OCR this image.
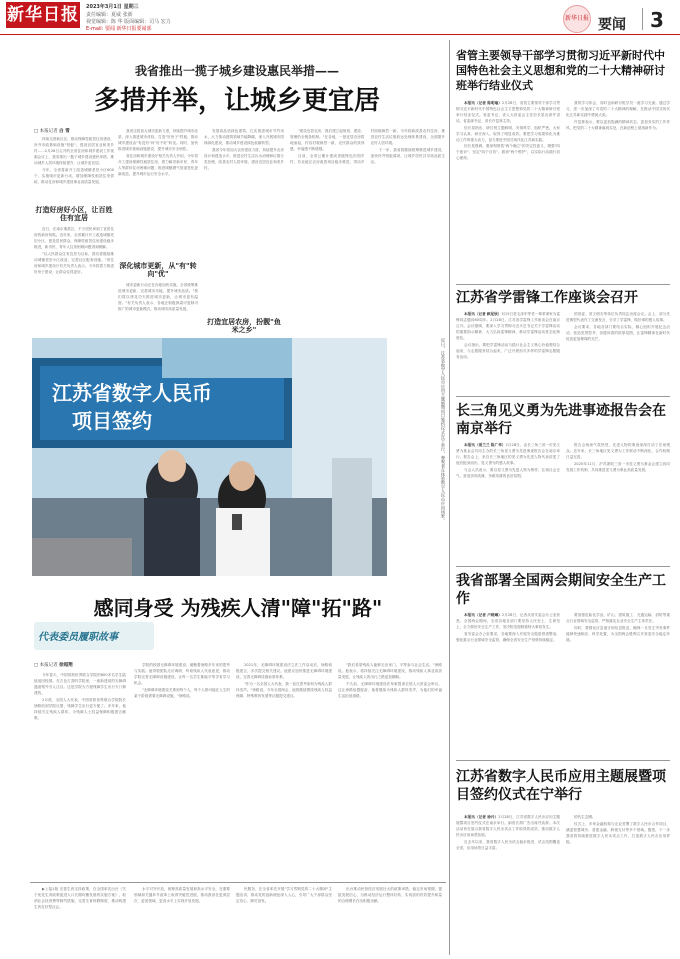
新华日报 2023年3月1日 星期三
责任编辑：夏威 张新
视觉编辑：陈 华 版面编辑：司马 宏力
E-mail: 要闻 新华日报要闻部
新华日报 要闻 3
我省推出一揽子城乡建设惠民举措——
多措并举，让城乡更宜居
□ 本报记者 白 雪

持续完善新社区，推动保障性租赁住房建设，补齐市政基础设施"短板"，建设宜居宜业和美乡村……2月28日召开的全省住房和城乡建设工作视频会议上，我省推出一揽子城乡建设惠民举措，推动城乡人居环境持续提升，让城乡更宜居。

今年，全省将新开工改造城镇老旧小区600个，实施城市更新行动，增加保障性租赁住房供给，推动住房和城乡建设事业高质量发展。

打造好房好小区，让百姓住有宜居

近日，在南京秦淮区，不少居民拿到了宜居住房的新房钥匙。近年来，全省累计开工改造城镇老旧小区，惠及居民群众，保障性租赁住房建设稳步推进，新市民、青年人住房困难问题得到缓解。

"以人民群众住有宜居为目标，我们将继续推动城镇老旧小区改造，完善社区配套设施。"省住房和城乡建设厅有关负责人表示，今年将着力推进好房子建设，让群众住得更好。

我省还将加大城市更新力度，持续提升城市品质，深入推进城市体检，打造"好房子"样板，推动城市建设由"有没有"向"好不好"转变。同时，加快推进城市基础设施建设，提升城市安全韧性。

省住房和城乡建设厅相关负责人介绍，今年将开工建设保障性租赁住房，着力解决新市民、青年人等群体住房困难问题；推进城镇燃气管道老化更新改造，提升城市运行安全水平。

深化城市更新，从"有"转向"优"

城市更新行动正在各地加快实施。全省统筹推进城市更新，完善城市功能，提升城市品质。"我们将以绣花功夫推进城市更新，让城市更有温度。"有关负责人表示，各地正积极探索可复制可推广的城市更新模式，推动城市高质量发展。

发展高品质绿色建筑，扎实推进城市节约用水，大力推动建筑领域节能降碳，深入开展城市园林绿化建设，推动城乡建设绿色低碳转型。

我省今年将加大农房建设力度，持续提升农房设计和建造水平，推进农村生活污水治理和垃圾分类处理，改善农村人居环境，建设宜居宜业和美乡村。

打造宜居农房，扮靓"鱼米之乡"

"建设宜居农房，我们建立起规划、建设、管理的全链条机制。"在各地，一批宜居农房拔地而起，村容村貌焕然一新，农民群众的获得感、幸福感不断增强。

目前，全省已累计建成省级特色田园乡村，苏北地区农房改善项目稳步推进，带动乡村面貌焕然一新。今年将新改善农村住房，推进农村生活垃圾收运处理体系建设，全面提升农村人居环境。

下一步，我省将继续统筹推进城乡建设，加快补齐短板弱项，让城乡居民共享高品质生活。

江苏省数字人民币
项目签约	近日，江苏省数字人民币应用主题展暨项目签约仪式在宁举行，参观者在体验数字人民币应用场景。
感同身受 为残疾人清"障"拓"路"
代表委员履职故事
□ 本报记者 徐超翔

今年春天，中国常熟世界联合学院的600多名学生陆续返回校园。在古色古香的学院里，一座新建成的无障碍通道格外引人注目。这是学院为方便残障学生出行专门修建的。

2月底，全国人大代表、中国常熟世界联合学院院长徐路收到学院反馈，残障学生出行更方便了。多年来，他持续关注残疾人群体，为残障人士权益保障积极建言献策。

学院的校园无障碍环境建设，凝聚着徐路多年来的思考与实践。他带领团队走访调研，听取残疾人代表意见，推动学院完善无障碍设施建设，让每一名学生都能平等享有学习机会。

"无障碍环境建设关系到每个人，每个人都可能在人生的某个阶段需要无障碍设施。"徐路说。

2021年，无障碍环境建设法立法工作启动后，徐路积极建言，多次提交相关建议。他建议加快推进无障碍环境建设，完善无障碍设施标准体系。

"作为一名全国人大代表，我一直在思考如何为残疾人群体发声。"徐路说。今年全国两会，他将继续围绕残疾人权益保障、特殊教育发展等议题提交建议。

"我们希望残疾人能够走出家门，平等参与社会生活。"徐路说。他表示，将持续关注无障碍环境建设，推动残疾人事业高质量发展，让残疾人的出行之路更加顺畅。

不久前，无障碍环境建设法草案提请全国人大常委会审议，这让徐路倍感振奋，他将继续为残疾人群体发声，为他们的幸福生活拓宽道路。

▶上接1版 完善生育支持政策，在全国率先出台《关于优化生育政策促进人口长期均衡发展的实施方案》，取消社会抚养费等制约措施，完善生育休假制度，推动构建生育友好型社会。

水平对外开放，统筹高质量发展和高水平安全，在重要领域和关键环节改革上取得突破性进展，推动我省在更深层次、更宽领域、更高水平上实现开放发展。

民服务，在全省率先开展"学习贯彻党的二十大精神"主题宣讲，推动党的创新理论深入人心，引导广大干部群众坚定信心、踔厉奋发。

出台推动民营经济发展壮大的政策举措，稳定市场预期，提振发展信心，为推动经济运行整体好转、实现质的有效提升和量的合理增长作出积极贡献。

省管主要领导干部学习贯彻习近平新时代中国特色社会主义思想和党的二十大精神研讨班举行结业仪式

本报讯（记者 陈明瑜）2月28日，省管主要领导干部学习贯彻习近平新时代中国特色社会主义思想和党的二十大精神研讨班举行结业仪式。省委书记、省人大常委会主任信长星出席并讲话，省委副书记、省长许昆林主持。

信长星指出，研讨班主题鲜明、安排科学、组织严密，大家学习认真、研讨深入，取得了明显成效。要把学习成果转化为推动工作的强大动力，奋力推进中国式现代化江苏新实践。

信长星强调，要深刻领悟"两个确立"的决定性意义，增强"四个意识"、坚定"四个自信"、做到"两个维护"，以实际行动践行初心使命。

我的学习体会，同时也和研讨班学员一道学习交流。通过学习，进一步加深了对党的二十大精神的理解，在推动中国式现代化江苏新实践中勇挑大梁。

许昆林表示，要以更加饱满的精神状态、更加务实的工作作风，把党的二十大精神落到实处，在新征程上展现新作为。

江苏省学雷锋工作座谈会召开

本报讯（记者 顾星欣）3月5日是毛泽东等老一辈革命家为雷锋同志题词60周年。2月28日，江苏省学雷锋工作座谈会在南京召开。会议强调，要深入学习贯彻习近平总书记关于学雷锋活动的重要指示精神，大力弘扬雷锋精神，推动学雷锋活动常态化制度化。

会议指出，要把学雷锋活动与践行社会主义核心价值观结合起来，与志愿服务结合起来，广泛开展形式多样的学雷锋志愿服务活动。

团省委、省文明办等单位负责同志出席会议。会上，部分先进典型代表作了交流发言，分享了学雷锋、做好事的感人故事。

会议要求，各地各部门要结合实际，精心组织开展纪念活动，营造见贤思齐、崇德向善的浓厚氛围，让雷锋精神在新时代绽放更加璀璨的光芒。

长三角见义勇为先进事迹报告会在南京举行

本报讯（胡兰兰 陈广华）2月28日，由长三角三省一市见义勇为基金会共同主办的长三角见义勇为先进事迹报告会在南京举行。报告会上，来自长三角地区的见义勇为先进人物代表讲述了他们挺身而出、见义勇为的感人故事。

与会人员表示，要以见义勇为先进人物为榜样，弘扬社会正气，营造崇尚英雄、争做英雄的良好氛围。

报告会现场气氛热烈，先进人物的事迹深深打动了在场观众。近年来，长三角地区见义勇为工作联动不断深化，合作机制日益完善。

2020年11月，沪苏浙皖三省一市见义勇为基金会建立协同发展工作机制，共同推进见义勇为事业高质量发展。

我省部署全国两会期间安全生产工作

本报讯（记者 卢晓琳）2月28日，记者从省安委会办公室获悉，全国两会期间，全省各地各部门要坚持人民至上、生命至上，全力做好安全生产工作，坚决防范遏制重特大事故发生。

省安委会办公室要求，各地要深入开展安全隐患排查整治，强化重点行业领域安全监管，确保全省安全生产形势持续稳定。

要加强危险化学品、矿山、建筑施工、交通运输、消防等重点行业领域安全监管，严格落实企业安全生产主体责任。

同时，要强化应急值守和信息报送，确保一旦发生突发事件能够快速响应、科学处置，为全国两会胜利召开营造安全稳定环境。

江苏省数字人民币应用主题展暨项目签约仪式在宁举行

本报讯（记者 徐丹）2月28日，江苏省数字人民币应用主题展暨项目签约仪式在南京举行。副省长胡广杰出席并致辞。本次活动旨在展示我省数字人民币试点工作取得的成效，推动数字人民币应用场景拓展。

自去年以来，我省数字人民币试点稳步推进，试点范围覆盖全省，应用场景日益丰富。

团代生态圈。

仪式上，多家金融机构与企业签署了数字人民币合作项目，涵盖智慧城市、普惠金融、跨境支付等多个领域。据悉，下一步我省将持续推进数字人民币试点工作，打造数字人民币应用样板。
